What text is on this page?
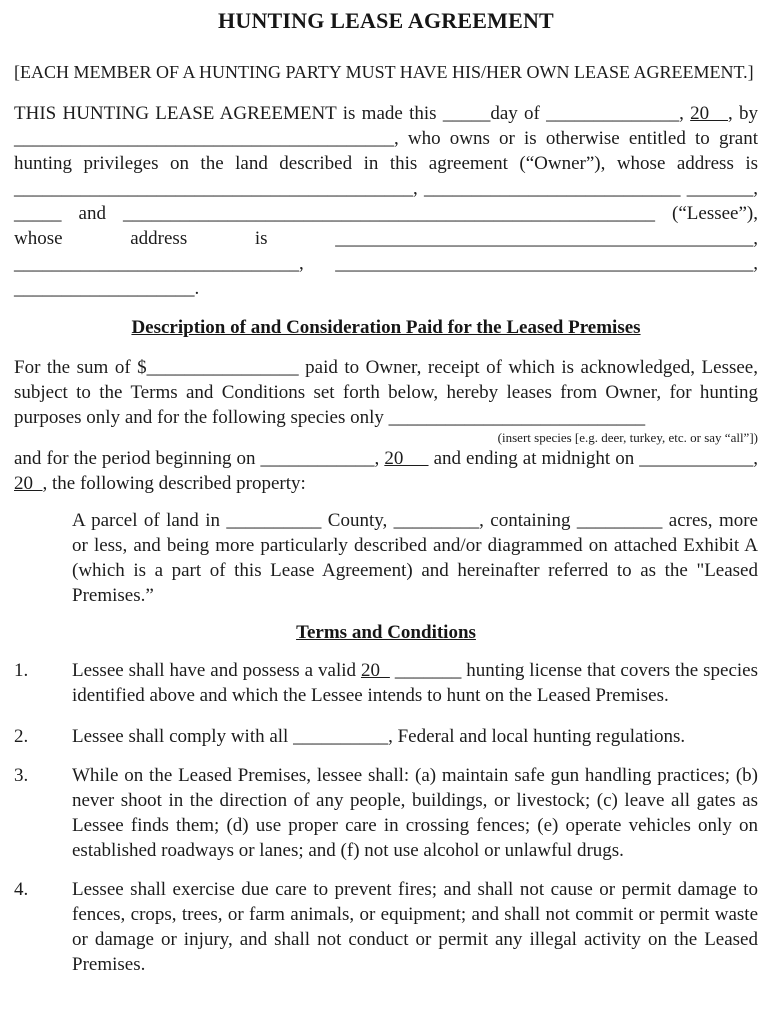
HUNTING LEASE AGREEMENT

[EACH MEMBER OF A HUNTING PARTY MUST HAVE HIS/HER OWN LEASE AGREEMENT.]

THIS HUNTING LEASE AGREEMENT is made this _____day of ______________, 20   , by ________________________________________, who owns or is otherwise entitled to grant hunting privileges on the land described in this agreement (“Owner”), whose address is __________________________________________, ___________________________ _______, _____ and ________________________________________________________ (“Lessee”), whose address is ____________________________________________, ______________________________, ____________________________________________, ___________________.

Description of and Consideration Paid for the Leased Premises

For the sum of $________________ paid to Owner, receipt of which is acknowledged, Lessee, subject to the Terms and Conditions set forth below, hereby leases from Owner, for hunting purposes only and for the following species only ___________________________

(insert species [e.g. deer, turkey, etc. or say “all”])

and for the period beginning on ____________, 20      and ending at midnight on ____________, 20  , the following described property:

A parcel of land in __________ County, _________, containing _________ acres, more or less, and being more particularly described and/or diagrammed on attached Exhibit A (which is a part of this Lease Agreement) and hereinafter referred to as the "Leased Premises.”

Terms and Conditions
1.	Lessee shall have and possess a valid 20   _______ hunting license that covers the species identified above and which the Lessee intends to hunt on the Leased Premises.

2.	Lessee shall comply with all __________, Federal and local hunting regulations.

3.	While on the Leased Premises, lessee shall: (a) maintain safe gun handling practices; (b) never shoot in the direction of any people, buildings, or livestock; (c) leave all gates as Lessee finds them; (d) use proper care in crossing fences; (e) operate vehicles only on established roadways or lanes; and (f) not use alcohol or unlawful drugs.

4.	Lessee shall exercise due care to prevent fires; and shall not cause or permit damage to fences, crops, trees, or farm animals, or equipment; and shall not commit or permit waste or damage or injury, and shall not conduct or permit any illegal activity on the Leased Premises.
